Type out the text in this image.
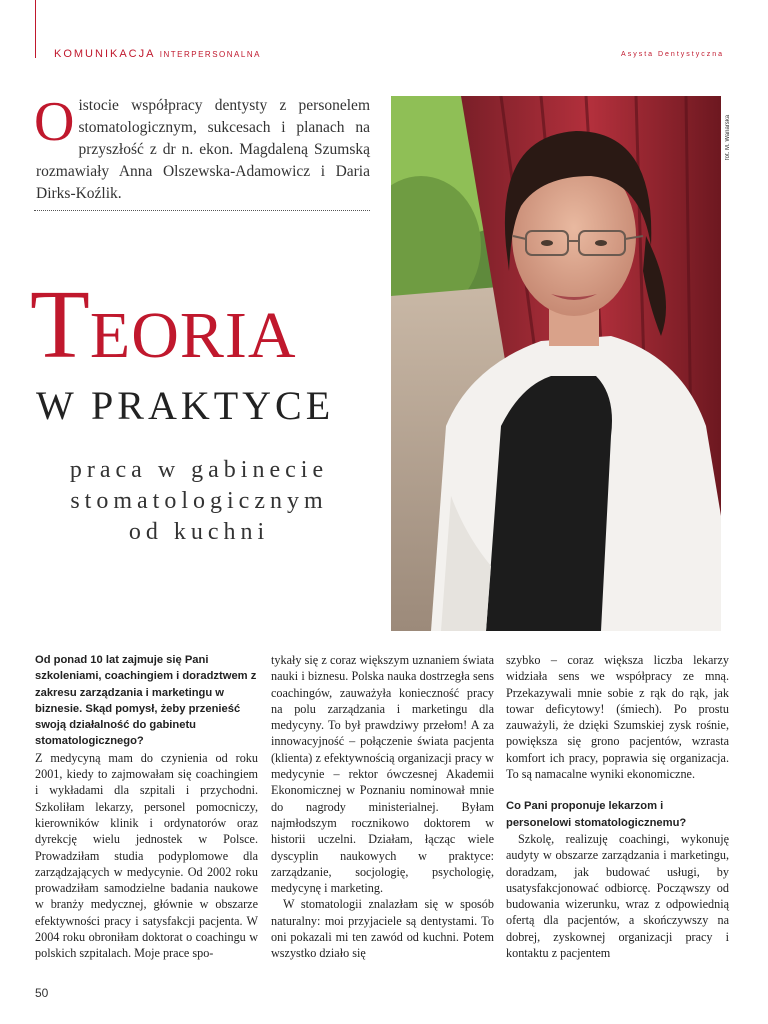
KOMUNIKACJA INTERPERSONALNA	Asysta Dentystyczna
O istocie współpracy dentysty z personelem stomatologicznym, sukcesach i planach na przyszłość z dr n. ekon. Magdaleną Szumską rozmawiały Anna Olszewska-Adamowicz i Daria Dirks-Koźlik.
TEORIA
W PRAKTYCE
praca w gabinecie
stomatologicznym
od kuchni
fot. M. Wanarska

Od ponad 10 lat zajmuje się Pani szkoleniami, coachingiem i doradztwem z zakresu zarządzania i marketingu w biznesie. Skąd pomysł, żeby przenieść swoją działalność do gabinetu stomatologicznego?

Z medycyną mam do czynienia od roku 2001, kiedy to zajmowałam się coachingiem i wykładami dla szpitali i przychodni. Szkoliłam lekarzy, personel pomocniczy, kierowników klinik i ordynatorów oraz dyrekcję wielu jednostek w Polsce. Prowadziłam studia podyplomowe dla zarządzających w medycynie. Od 2002 roku prowadziłam samodzielne badania naukowe w branży medycznej, głównie w obszarze efektywności pracy i satysfakcji pacjenta. W 2004 roku obroniłam doktorat o coachingu w polskich szpitalach. Moje prace spo-

tykały się z coraz większym uznaniem świata nauki i biznesu. Polska nauka dostrzegła sens coachingów, zauważyła konieczność pracy na polu zarządzania i marketingu dla medycyny. To był prawdziwy przełom! A za innowacyjność – połączenie świata pacjenta (klienta) z efektywnością organizacji pracy w medycynie – rektor ówczesnej Akademii Ekonomicznej w Poznaniu nominował mnie do nagrody ministerialnej. Byłam najmłodszym rocznikowo doktorem w historii uczelni. Działam, łącząc wiele dyscyplin naukowych w praktyce: zarządzanie, socjologię, psychologię, medycynę i marketing.

W stomatologii znalazłam się w sposób naturalny: moi przyjaciele są dentystami. To oni pokazali mi ten zawód od kuchni. Potem wszystko działo się

szybko – coraz większa liczba lekarzy widziała sens we współpracy ze mną. Przekazywali mnie sobie z rąk do rąk, jak towar deficytowy! (śmiech). Po prostu zauważyli, że dzięki Szumskiej zysk rośnie, powiększa się grono pacjentów, wzrasta komfort ich pracy, poprawia się organizacja. To są namacalne wyniki ekonomiczne.

Co Pani proponuje lekarzom i personelowi stomatologicznemu?

Szkolę, realizuję coachingi, wykonuję audyty w obszarze zarządzania i marketingu, doradzam, jak budować usługi, by usatysfakcjonować odbiorcę. Począwszy od budowania wizerunku, wraz z odpowiednią ofertą dla pacjentów, a skończywszy na dobrej, zyskownej organizacji pracy i kontaktu z pacjentem

50
